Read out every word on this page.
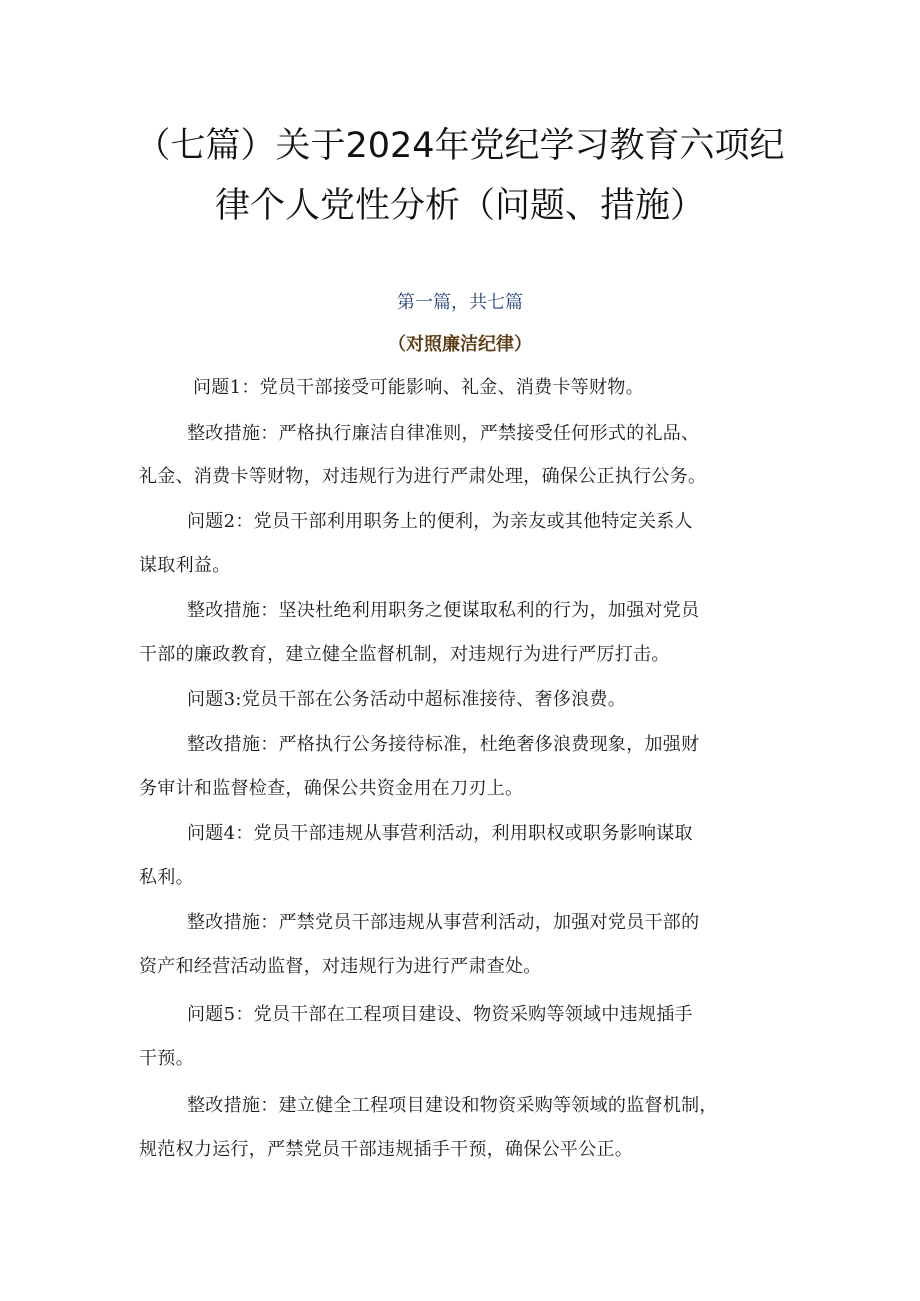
（七篇）关于2024年党纪学习教育六项纪
律个人党性分析（问题、措施）
第一篇，共七篇
（对照廉洁纪律）
问题1：党员干部接受可能影响、礼金、消费卡等财物。
整改措施：严格执行廉洁自律准则，严禁接受任何形式的礼品、
礼金、消费卡等财物，对违规行为进行严肃处理，确保公正执行公务。
问题2：党员干部利用职务上的便利，为亲友或其他特定关系人
谋取利益。
整改措施：坚决杜绝利用职务之便谋取私利的行为，加强对党员
干部的廉政教育，建立健全监督机制，对违规行为进行严厉打击。
问题3:党员干部在公务活动中超标准接待、奢侈浪费。
整改措施：严格执行公务接待标准，杜绝奢侈浪费现象，加强财
务审计和监督检查，确保公共资金用在刀刃上。
问题4：党员干部违规从事营利活动，利用职权或职务影响谋取
私利。
整改措施：严禁党员干部违规从事营利活动，加强对党员干部的
资产和经营活动监督，对违规行为进行严肃查处。
问题5：党员干部在工程项目建设、物资采购等领域中违规插手
干预。
整改措施：建立健全工程项目建设和物资采购等领域的监督机制，
规范权力运行，严禁党员干部违规插手干预，确保公平公正。
